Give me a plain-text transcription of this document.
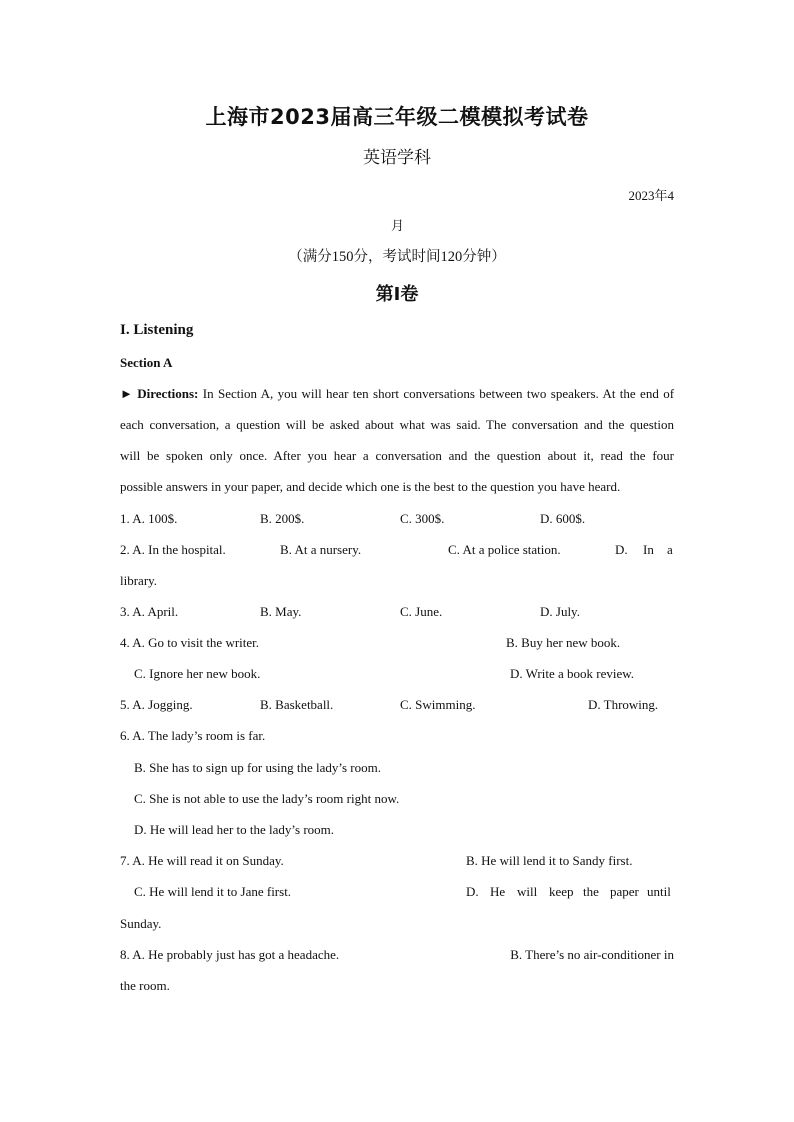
上海市2023届高三年级二模模拟考试卷
英语学科
2023年4
月
（满分150分，考试时间120分钟）
第I卷
I. Listening
Section A
► Directions: In Section A, you will hear ten short conversations between two speakers. At the end of
each conversation, a question will be asked about what was said. The conversation and the question
will be spoken only once. After you hear a conversation and the question about it, read the four
possible answers in your paper, and decide which one is the best to the question you have heard.
1. A. 100$.	B. 200$.	C. 300$.	D. 600$.
2. A. In the hospital.	B. At a nursery.	C. At a police station.	D. In a
library.
3. A. April.	B. May.	C. June.	D. July.
4. A. Go to visit the writer.	B. Buy her new book.
C. Ignore her new book.	D. Write a book review.
5. A. Jogging.	B. Basketball.	C. Swimming.	D. Throwing.
6. A. The lady’s room is far.
B. She has to sign up for using the lady’s room.
C. She is not able to use the lady’s room right now.
D. He will lead her to the lady’s room.
7. A. He will read it on Sunday.	B. He will lend it to Sandy first.
C. He will lend it to Jane first.	D. He will keep the paper until
Sunday.
8. A. He probably just has got a headache.	B. There’s no air-conditioner in
the room.
